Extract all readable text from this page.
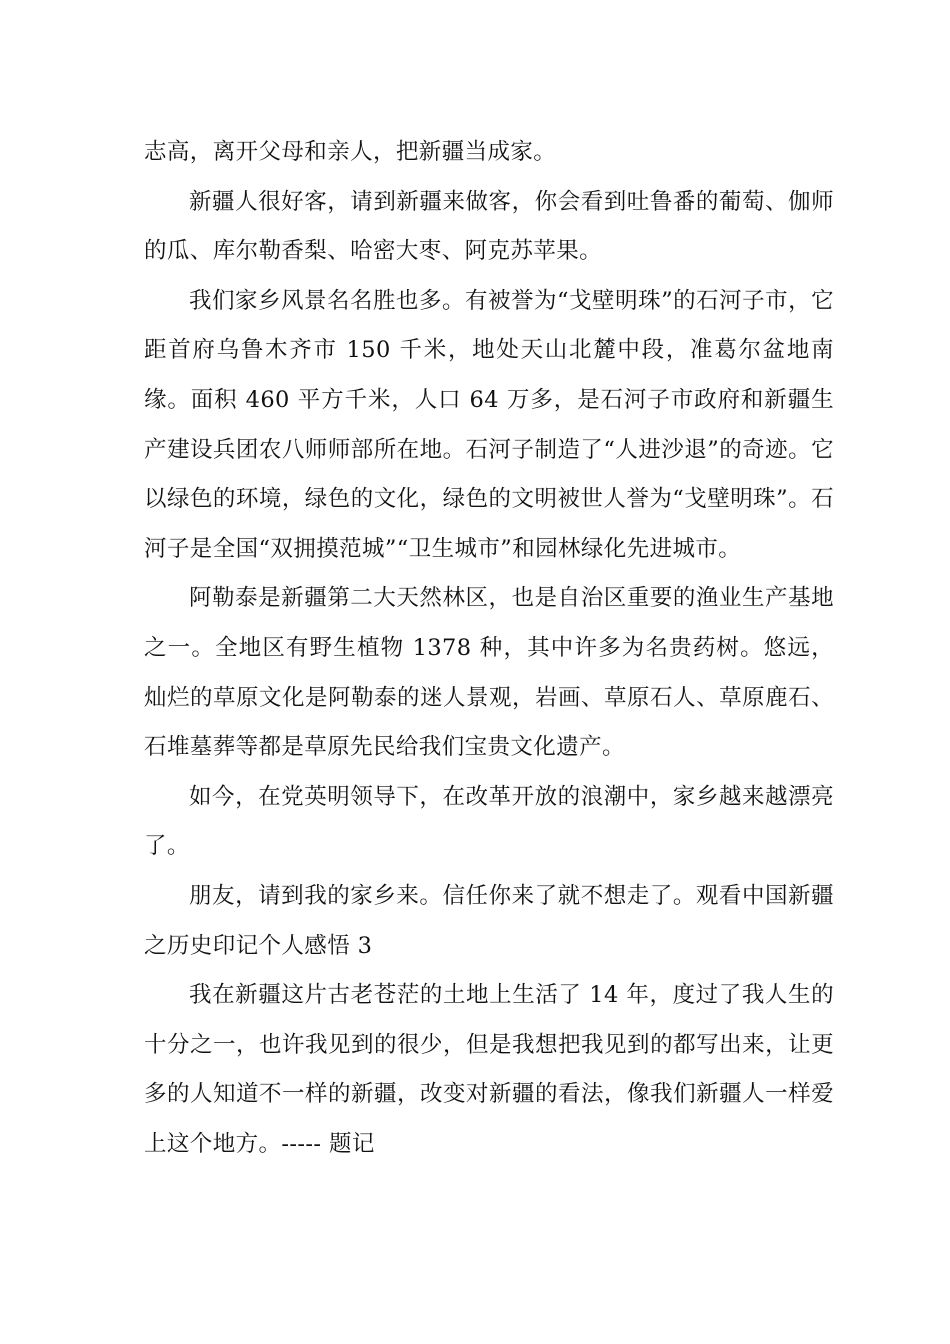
志高，离开父母和亲人，把新疆当成家。

新疆人很好客，请到新疆来做客，你会看到吐鲁番的葡萄、伽师的瓜、库尔勒香梨、哈密大枣、阿克苏苹果。

我们家乡风景名名胜也多。有被誉为“戈壁明珠”的石河子市，它距首府乌鲁木齐市 150 千米，地处天山北麓中段，准葛尔盆地南缘。面积 460 平方千米，人口 64 万多，是石河子市政府和新疆生产建设兵团农八师师部所在地。石河子制造了“人进沙退”的奇迹。它以绿色的环境，绿色的文化，绿色的文明被世人誉为“戈壁明珠”。石河子是全国“双拥摸范城”“卫生城市”和园林绿化先进城市。

阿勒泰是新疆第二大天然林区，也是自治区重要的渔业生产基地之一。全地区有野生植物 1378 种，其中许多为名贵药树。悠远，灿烂的草原文化是阿勒泰的迷人景观，岩画、草原石人、草原鹿石、石堆墓葬等都是草原先民给我们宝贵文化遗产。

如今，在党英明领导下，在改革开放的浪潮中，家乡越来越漂亮了。

朋友，请到我的家乡来。信任你来了就不想走了。观看中国新疆之历史印记个人感悟 3

我在新疆这片古老苍茫的土地上生活了 14 年，度过了我人生的十分之一，也许我见到的很少，但是我想把我见到的都写出来，让更多的人知道不一样的新疆，改变对新疆的看法，像我们新疆人一样爱上这个地方。----- 题记
